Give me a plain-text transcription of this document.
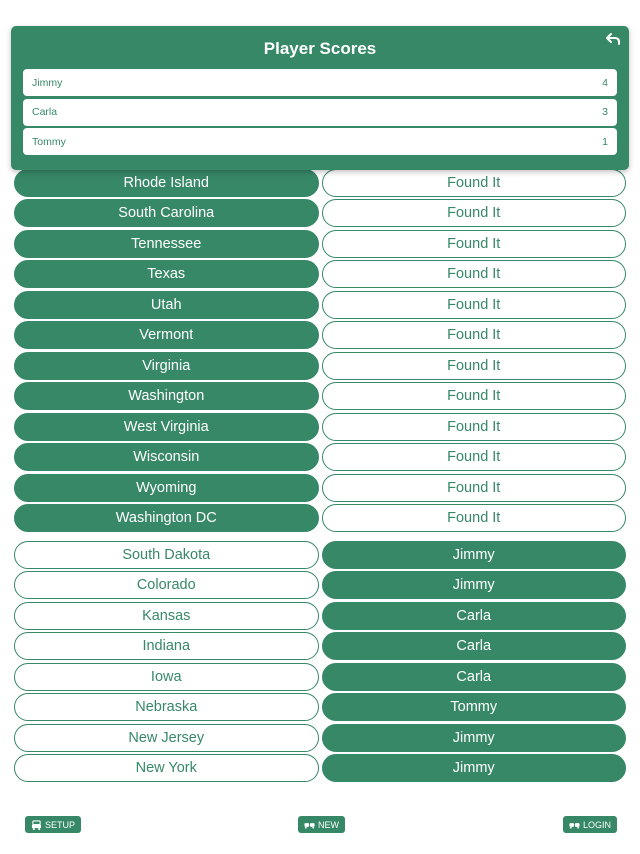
Rhode Island	Found It
South Carolina	Found It
Tennessee	Found It
Texas	Found It
Utah	Found It
Vermont	Found It
Virginia	Found It
Washington	Found It
West Virginia	Found It
Wisconsin	Found It
Wyoming	Found It
Washington DC	Found It
South Dakota	Jimmy
Colorado	Jimmy
Kansas	Carla
Indiana	Carla
Iowa	Carla
Nebraska	Tommy
New Jersey	Jimmy
New York	Jimmy
Player Scores
Jimmy	4
Carla	3
Tommy	1
SETUP	NEW	LOGIN
